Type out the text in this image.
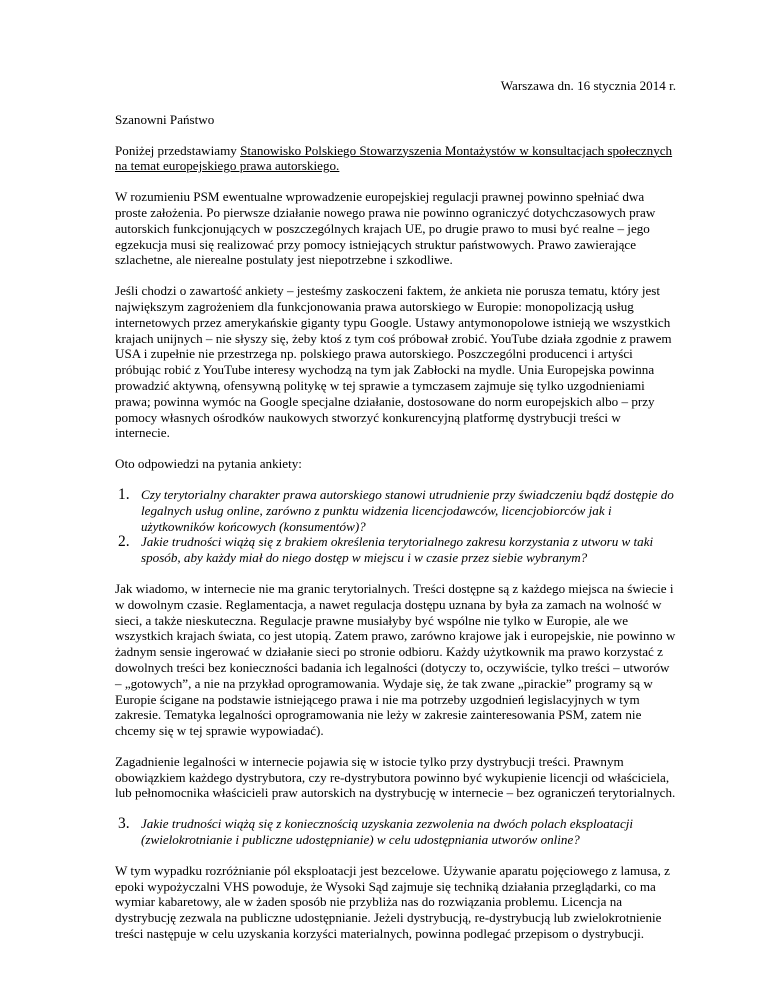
Warszawa dn. 16 stycznia 2014 r.

Szanowni Państwo

Poniżej przedstawiamy Stanowisko Polskiego Stowarzyszenia Montażystów w konsultacjach społecznych na temat europejskiego prawa autorskiego.

W rozumieniu PSM ewentualne wprowadzenie europejskiej regulacji prawnej powinno spełniać dwa proste założenia. Po pierwsze działanie nowego prawa nie powinno ograniczyć dotychczasowych praw autorskich funkcjonujących w poszczególnych krajach UE, po drugie prawo to musi być realne – jego egzekucja musi się realizować przy pomocy istniejących struktur państwowych. Prawo zawierające szlachetne, ale nierealne postulaty jest niepotrzebne i szkodliwe.

Jeśli chodzi o zawartość ankiety – jesteśmy zaskoczeni faktem, że ankieta nie porusza tematu, który jest największym zagrożeniem dla funkcjonowania prawa autorskiego w Europie: monopolizacją usług internetowych przez amerykańskie giganty typu Google. Ustawy antymonopolowe istnieją we wszystkich krajach unijnych – nie słyszy się, żeby ktoś z tym coś próbował zrobić. YouTube działa zgodnie z prawem USA i zupełnie nie przestrzega np. polskiego prawa autorskiego. Poszczególni producenci i artyści próbując robić z YouTube interesy wychodzą na tym jak Zabłocki na mydle. Unia Europejska powinna prowadzić aktywną, ofensywną politykę w tej sprawie a tymczasem zajmuje się tylko uzgodnieniami prawa; powinna wymóc na Google specjalne działanie, dostosowane do norm europejskich albo – przy pomocy własnych ośrodków naukowych stworzyć konkurencyjną platformę dystrybucji treści w internecie.

Oto odpowiedzi na pytania ankiety:

1. Czy terytorialny charakter prawa autorskiego stanowi utrudnienie przy świadczeniu bądź dostępie do legalnych usług online, zarówno z punktu widzenia licencjodawców, licencjobiorców jak i użytkowników końcowych (konsumentów)?
2. Jakie trudności wiążą się z brakiem określenia terytorialnego zakresu korzystania z utworu w taki sposób, aby każdy miał do niego dostęp w miejscu i w czasie przez siebie wybranym?

Jak wiadomo, w internecie nie ma granic terytorialnych. Treści dostępne są z każdego miejsca na świecie i w dowolnym czasie. Reglamentacja, a nawet regulacja dostępu uznana by była za zamach na wolność w sieci, a także nieskuteczna. Regulacje prawne musiałyby być wspólne nie tylko w Europie, ale we wszystkich krajach świata, co jest utopią. Zatem prawo, zarówno krajowe jak i europejskie, nie powinno w żadnym sensie ingerować w działanie sieci po stronie odbioru. Każdy użytkownik ma prawo korzystać z dowolnych treści bez konieczności badania ich legalności (dotyczy to, oczywiście, tylko treści – utworów – „gotowych”, a nie na przykład oprogramowania. Wydaje się, że tak zwane „pirackie” programy są w Europie ścigane na podstawie istniejącego prawa i nie ma potrzeby uzgodnień legislacyjnych w tym zakresie. Tematyka legalności oprogramowania nie leży w zakresie zainteresowania PSM, zatem nie chcemy się w tej sprawie wypowiadać).

Zagadnienie legalności w internecie pojawia się w istocie tylko przy dystrybucji treści. Prawnym obowiązkiem każdego dystrybutora, czy re-dystrybutora powinno być wykupienie licencji od właściciela, lub pełnomocnika właścicieli praw autorskich na dystrybucję w internecie – bez ograniczeń terytorialnych.

3. Jakie trudności wiążą się z koniecznością uzyskania zezwolenia na dwóch polach eksploatacji (zwielokrotnianie i publiczne udostępnianie) w celu udostępniania utworów online?

W tym wypadku rozróżnianie pól eksploatacji jest bezcelowe. Używanie aparatu pojęciowego z lamusa, z epoki wypożyczalni VHS powoduje, że Wysoki Sąd zajmuje się techniką działania przeglądarki, co ma wymiar kabaretowy, ale w żaden sposób nie przybliża nas do rozwiązania problemu. Licencja na dystrybucję zezwala na publiczne udostępnianie. Jeżeli dystrybucją, re-dystrybucją lub zwielokrotnienie treści następuje w celu uzyskania korzyści materialnych, powinna podlegać przepisom o dystrybucji.
